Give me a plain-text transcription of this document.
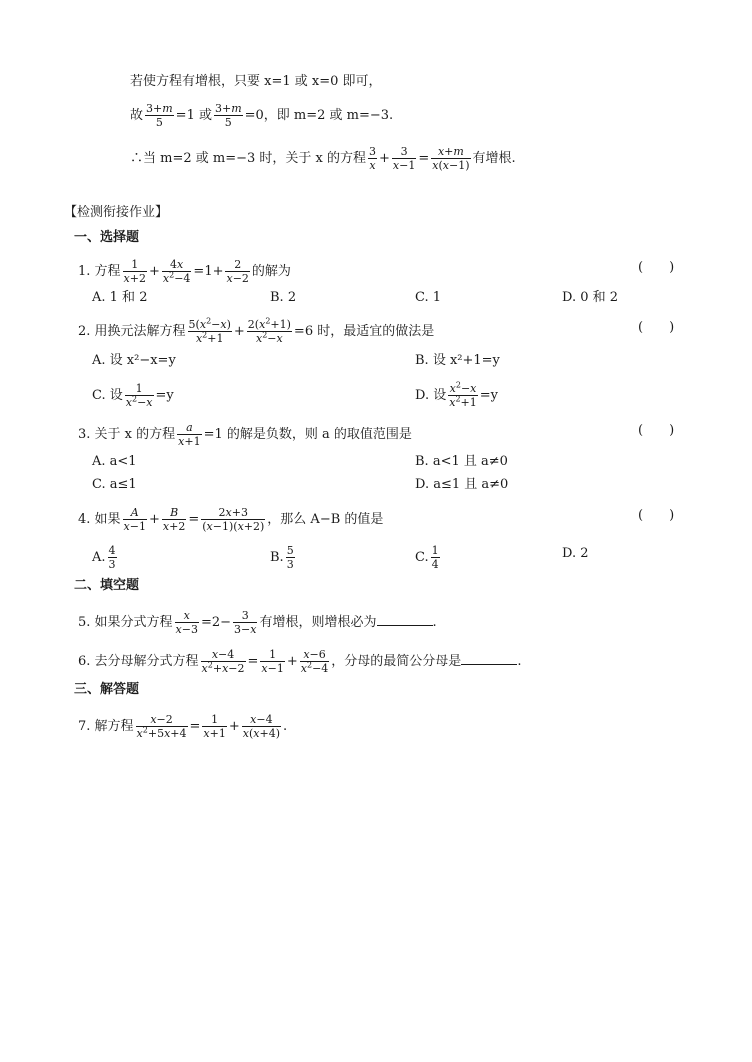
若使方程有增根，只要 x=1 或 x=0 即可，
故 $\frac{3+m}{5} =1$ 或 $\frac{3+m}{5} =0$，即 m=2 或 m=−3.
∴当 m=2 或 m=−3 时，关于 x 的方程 $\frac{3}{x} + \frac{3}{x-1} = \frac{x+m}{x(x-1)}$ 有增根.
【检测衔接作业】
一、选择题
1. 方程 $\frac{1}{x+2} + \frac{4x}{x^2-4} =1+ \frac{2}{x-2}$ 的解为	(　　)
A. 1 和 2	B. 2	C. 1	D. 0 和 2
2. 用换元法解方程 $\frac{5(x^2-x)}{x^2+1} + \frac{2(x^2+1)}{x^2-x} =6$ 时，最适宜的做法是	(　　)
A. 设 x²−x=y	B. 设 x²+1=y
C. 设 $\frac{1}{x^2-x} =y$	D. 设 $\frac{x^2-x}{x^2+1} =y$
3. 关于 x 的方程 $\frac{a}{x+1} =1$ 的解是负数，则 a 的取值范围是	(　　)
A. a<1	B. a<1 且 a≠0
C. a≤1	D. a≤1 且 a≠0
4. 如果 $\frac{A}{x-1} + \frac{B}{x+2} = \frac{2x+3}{(x-1)(x+2)}$ ，那么 A−B 的值是	(　　)
A. $\frac{4}{3}$	B. $\frac{5}{3}$	C. $\frac{1}{4}$	D. 2
二、填空题
5. 如果分式方程 $\frac{x}{x-3} =2- \frac{3}{3-x}$ 有增根，则增根必为	.
6. 去分母解分式方程 $\frac{x-4}{x^2+x-2} = \frac{1}{x-1} + \frac{x-6}{x^2-4}$ ，分母的最简公分母是	.
三、解答题
7. 解方程 $\frac{x-2}{x^2+5x+4} = \frac{1}{x+1} + \frac{x-4}{x(x+4)}$ .
